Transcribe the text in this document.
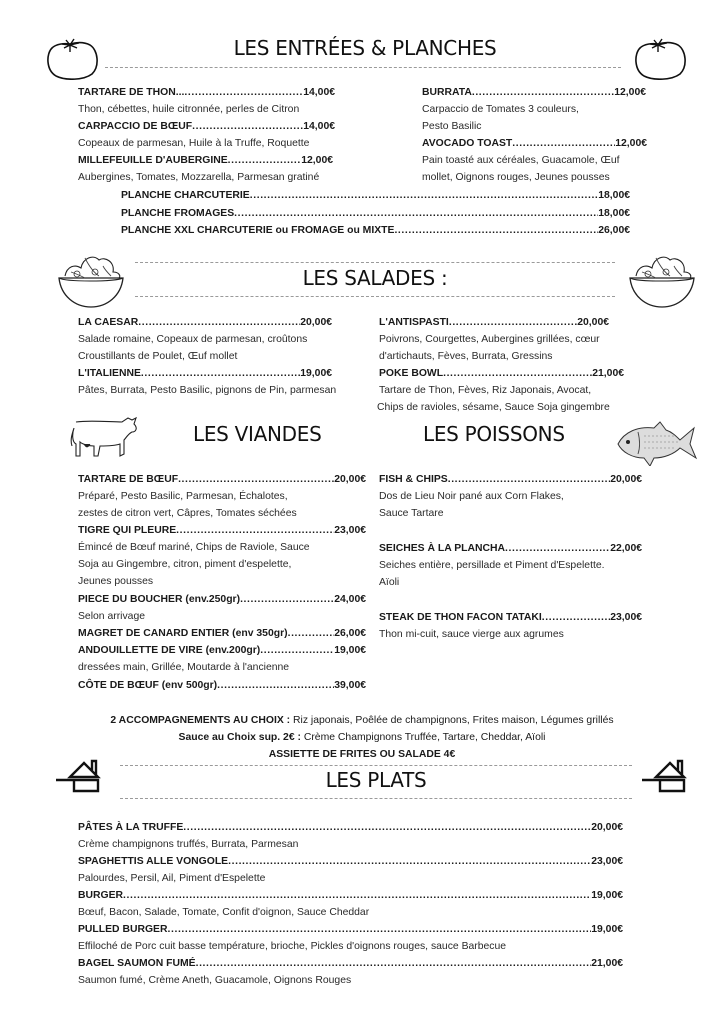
LES ENTRÉES & PLANCHES
TARTARE DE THON... .....	14,00€
Thon, cébettes, huile citronnée, perles de Citron
CARPACCIO DE BŒUF .....	14,00€
Copeaux de parmesan, Huile à la Truffe, Roquette
MILLEFEUILLE D'AUBERGINE .....	12,00€
Aubergines, Tomates, Mozzarella, Parmesan gratiné
BURRATA .....	12,00€
Carpaccio de Tomates 3 couleurs,
Pesto Basilic
AVOCADO TOAST .....	12,00€
Pain toasté aux céréales, Guacamole, Œuf
mollet, Oignons rouges, Jeunes pousses
PLANCHE CHARCUTERIE .....	18,00€
PLANCHE FROMAGES .....	18,00€
PLANCHE XXL CHARCUTERIE ou FROMAGE ou MIXTE .....	26,00€
LES SALADES :
LA CAESAR .....	20,00€
Salade romaine, Copeaux de parmesan, croûtons
Croustillants de Poulet, Œuf mollet
L'ITALIENNE .....	19,00€
Pâtes, Burrata, Pesto Basilic, pignons de Pin, parmesan
L'ANTISPASTI .....	20,00€
Poivrons, Courgettes, Aubergines grillées, cœur
d'artichauts, Fèves, Burrata, Gressins
POKE BOWL .....	21,00€
Tartare de Thon, Fèves, Riz Japonais, Avocat,
Chips de ravioles, sésame, Sauce Soja gingembre
LES VIANDES
TARTARE DE BŒUF .....	20,00€
Préparé, Pesto Basilic, Parmesan, Échalotes,
zestes de citron vert, Câpres, Tomates séchées
TIGRE QUI PLEURE .....	23,00€
Émincé de Bœuf mariné, Chips de Raviole, Sauce
Soja au Gingembre, citron, piment d'espelette,
Jeunes pousses
PIECE DU BOUCHER (env.250gr) .....	24,00€
Selon arrivage
MAGRET DE CANARD ENTIER (env 350gr) .....	26,00€
ANDOUILLETTE DE VIRE (env.200gr) .....	19,00€
dressées main, Grillée, Moutarde à l'ancienne
CÔTE DE BŒUF (env 500gr) .....	39,00€
LES POISSONS
FISH & CHIPS .....	20,00€
Dos de Lieu Noir pané aux Corn Flakes,
Sauce Tartare
SEICHES À LA PLANCHA .....	22,00€
Seiches entière, persillade et Piment d'Espelette.
Aïoli
STEAK DE THON FACON TATAKI .....	23,00€
Thon mi-cuit, sauce vierge aux agrumes
2 ACCOMPAGNEMENTS AU CHOIX : Riz japonais, Poêlée de champignons, Frites maison, Légumes grillés
Sauce au Choix sup. 2€ : Crème Champignons Truffée, Tartare, Cheddar, Aïoli
ASSIETTE DE FRITES OU SALADE 4€
LES PLATS
PÂTES À LA TRUFFE .....	20,00€
Crème champignons truffés, Burrata, Parmesan
SPAGHETTIS ALLE VONGOLE .....	23,00€
Palourdes, Persil, Ail, Piment d'Espelette
BURGER .....	19,00€
Bœuf, Bacon, Salade, Tomate, Confit d'oignon, Sauce Cheddar
PULLED BURGER .....	19,00€
Effiloché de Porc cuit basse température, brioche, Pickles d'oignons rouges, sauce Barbecue
BAGEL SAUMON FUMÉ .....	21,00€
Saumon fumé, Crème Aneth, Guacamole, Oignons Rouges
